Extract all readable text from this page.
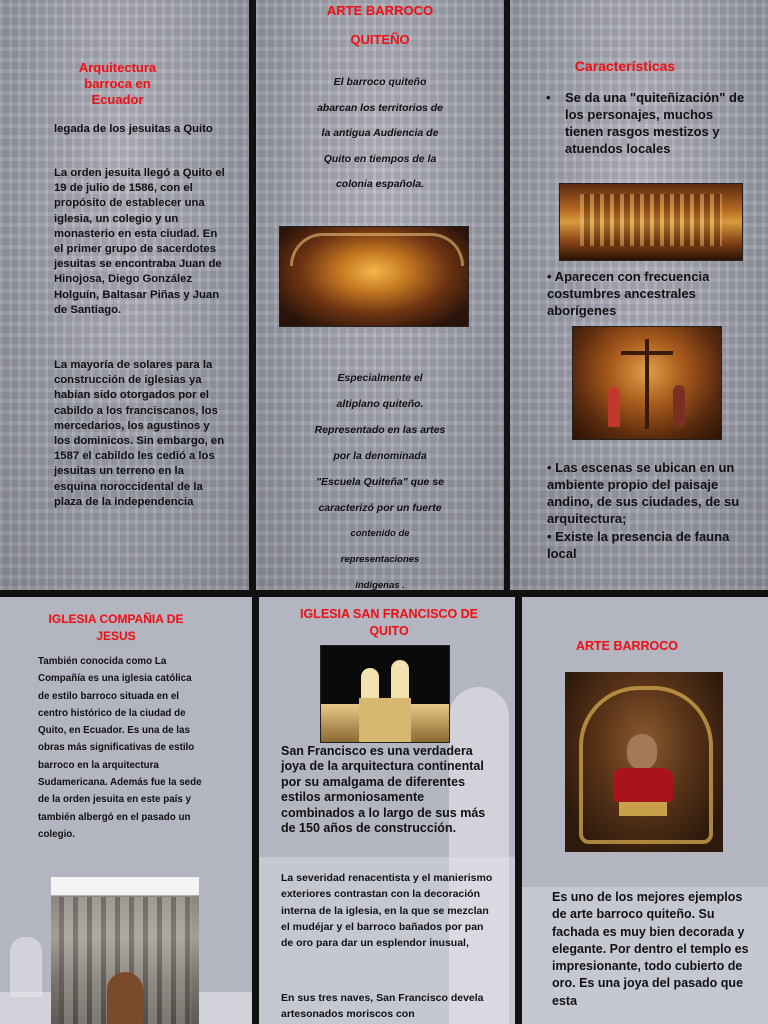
Arquitectura barroca en Ecuador
legada de los jesuitas a Quito
La orden jesuita llegó a Quito el 19 de julio de 1586, con el propósito de establecer una iglesia, un colegio y un monasterio en esta ciudad. En el primer grupo de sacerdotes jesuitas se encontraba Juan de Hinojosa, Diego González Holguín, Baltasar Piñas y Juan de Santiago.
La mayoría de solares para la construcción de iglesias ya habían sido otorgados por el cabildo a los franciscanos, los mercedarios, los agustinos y los dominicos. Sin embargo, en 1587 el cabildo les cedió a los jesuitas un terreno en la esquina noroccidental de la plaza de la independencia
ARTE BARROCO
QUITEÑO
El barroco quiteño
abarcan los territorios de
la antigua Audiencia de
Quito en tiempos de la
colonia española.
Especialmente el
altiplano quiteño.
Representado en las artes
por la denominada
"Escuela Quiteña" que se
caracterizó por un fuerte
contenido de
representaciones
indígenas .
Características
• Se da una "quiteñización" de los personajes, muchos tienen rasgos mestizos y atuendos locales
• Aparecen con frecuencia costumbres ancestrales aborígenes
• Las escenas se ubican en un ambiente propio del paisaje andino, de sus ciudades, de su arquitectura;
• Existe la presencia de fauna local
IGLESIA COMPAÑIA DE JESUS
También conocida como La Compañía es una iglesia católica de estilo barroco situada en el centro histórico de la ciudad de Quito, en Ecuador. Es una de las obras más significativas de estilo barroco en la arquitectura Sudamericana. Además fue la sede de la orden jesuita en este país y también albergó en el pasado un colegio.
IGLESIA SAN FRANCISCO DE QUITO
San Francisco es una verdadera joya de la arquitectura continental por su amalgama de diferentes estilos armoniosamente combinados a lo largo de sus más de 150 años de construcción.
La severidad renacentista y el manierismo exteriores contrastan con la decoración interna de la iglesia, en la que se mezclan el mudéjar y el barroco bañados por pan de oro para dar un esplendor inusual,
En sus tres naves, San Francisco devela artesonados moriscos con
ARTE BARROCO
Es uno de los mejores ejemplos de arte barroco quiteño. Su fachada es muy bien decorada y elegante. Por dentro el templo es impresionante, todo cubierto de oro. Es una joya del pasado que esta
